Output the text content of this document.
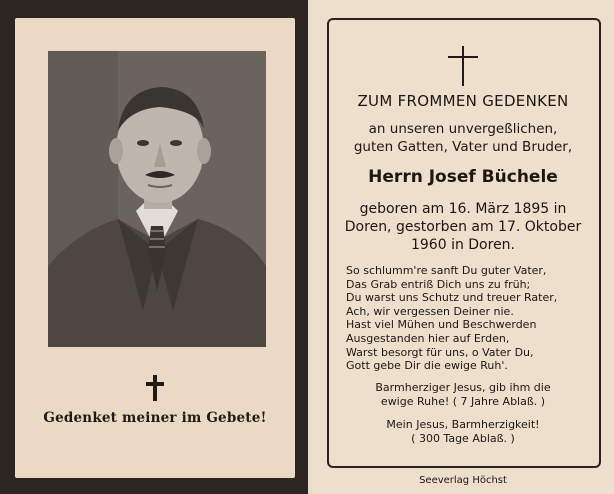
Gedenket meiner im Gebete!
ZUM FROMMEN GEDENKEN
an unseren unvergeßlichen,
guten Gatten, Vater und Bruder,
Herrn Josef Büchele
geboren am 16. März 1895 in
Doren, gestorben am 17. Oktober
1960 in Doren.
So schlumm're sanft Du guter Vater,
Das Grab entriß Dich uns zu früh;
Du warst uns Schutz und treuer Rater,
Ach, wir vergessen Deiner nie.
Hast viel Mühen und Beschwerden
Ausgestanden hier auf Erden,
Warst besorgt für uns, o Vater Du,
Gott gebe Dir die ewige Ruh'.
Barmherziger Jesus, gib ihm die
ewige Ruhe! ( 7 Jahre Ablaß. )
Mein Jesus, Barmherzigkeit!
( 300 Tage Ablaß. )
Seeverlag Höchst
